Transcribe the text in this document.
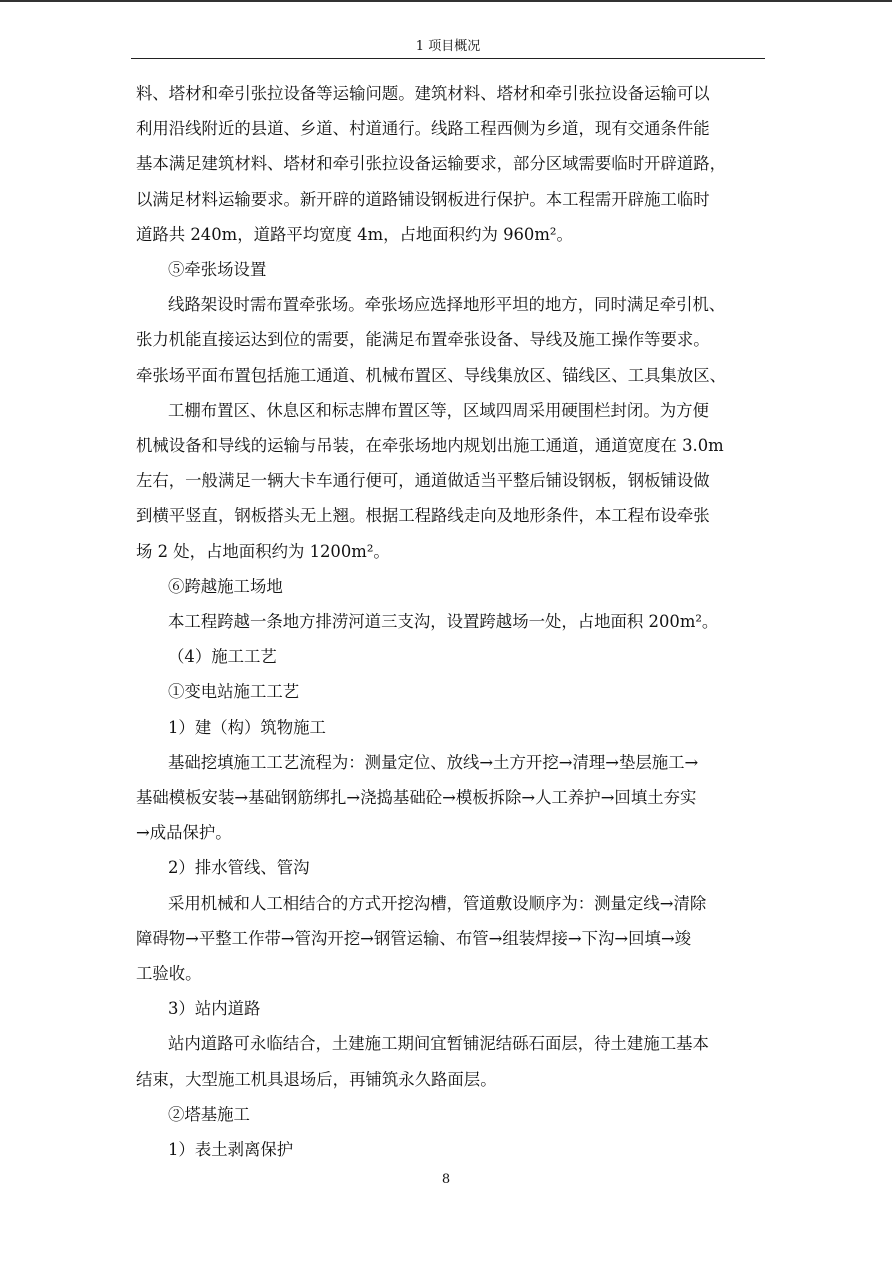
1 项目概况

料、塔材和牵引张拉设备等运输问题。建筑材料、塔材和牵引张拉设备运输可以
利用沿线附近的县道、乡道、村道通行。线路工程西侧为乡道，现有交通条件能
基本满足建筑材料、塔材和牵引张拉设备运输要求，部分区域需要临时开辟道路，
以满足材料运输要求。新开辟的道路铺设钢板进行保护。本工程需开辟施工临时
道路共 240m，道路平均宽度 4m，占地面积约为 960m²。

⑤牵张场设置

线路架设时需布置牵张场。牵张场应选择地形平坦的地方，同时满足牵引机、

张力机能直接运达到位的需要，能满足布置牵张设备、导线及施工操作等要求。
牵张场平面布置包括施工通道、机械布置区、导线集放区、锚线区、工具集放区、

工棚布置区、休息区和标志牌布置区等，区域四周采用硬围栏封闭。为方便

机械设备和导线的运输与吊装，在牵张场地内规划出施工通道，通道宽度在 3.0m
左右，一般满足一辆大卡车通行便可，通道做适当平整后铺设钢板，钢板铺设做
到横平竖直，钢板搭头无上翘。根据工程路线走向及地形条件，本工程布设牵张
场 2 处，占地面积约为 1200m²。

⑥跨越施工场地

本工程跨越一条地方排涝河道三支沟，设置跨越场一处，占地面积 200m²。

（4）施工工艺

①变电站施工工艺

1）建（构）筑物施工

基础挖填施工工艺流程为：测量定位、放线→土方开挖→清理→垫层施工→

基础模板安装→基础钢筋绑扎→浇捣基础砼→模板拆除→人工养护→回填土夯实
→成品保护。

2）排水管线、管沟

采用机械和人工相结合的方式开挖沟槽，管道敷设顺序为：测量定线→清除

障碍物→平整工作带→管沟开挖→钢管运输、布管→组装焊接→下沟→回填→竣
工验收。

3）站内道路

站内道路可永临结合，土建施工期间宜暂铺泥结砾石面层，待土建施工基本

结束，大型施工机具退场后，再铺筑永久路面层。

②塔基施工

1）表土剥离保护

8
